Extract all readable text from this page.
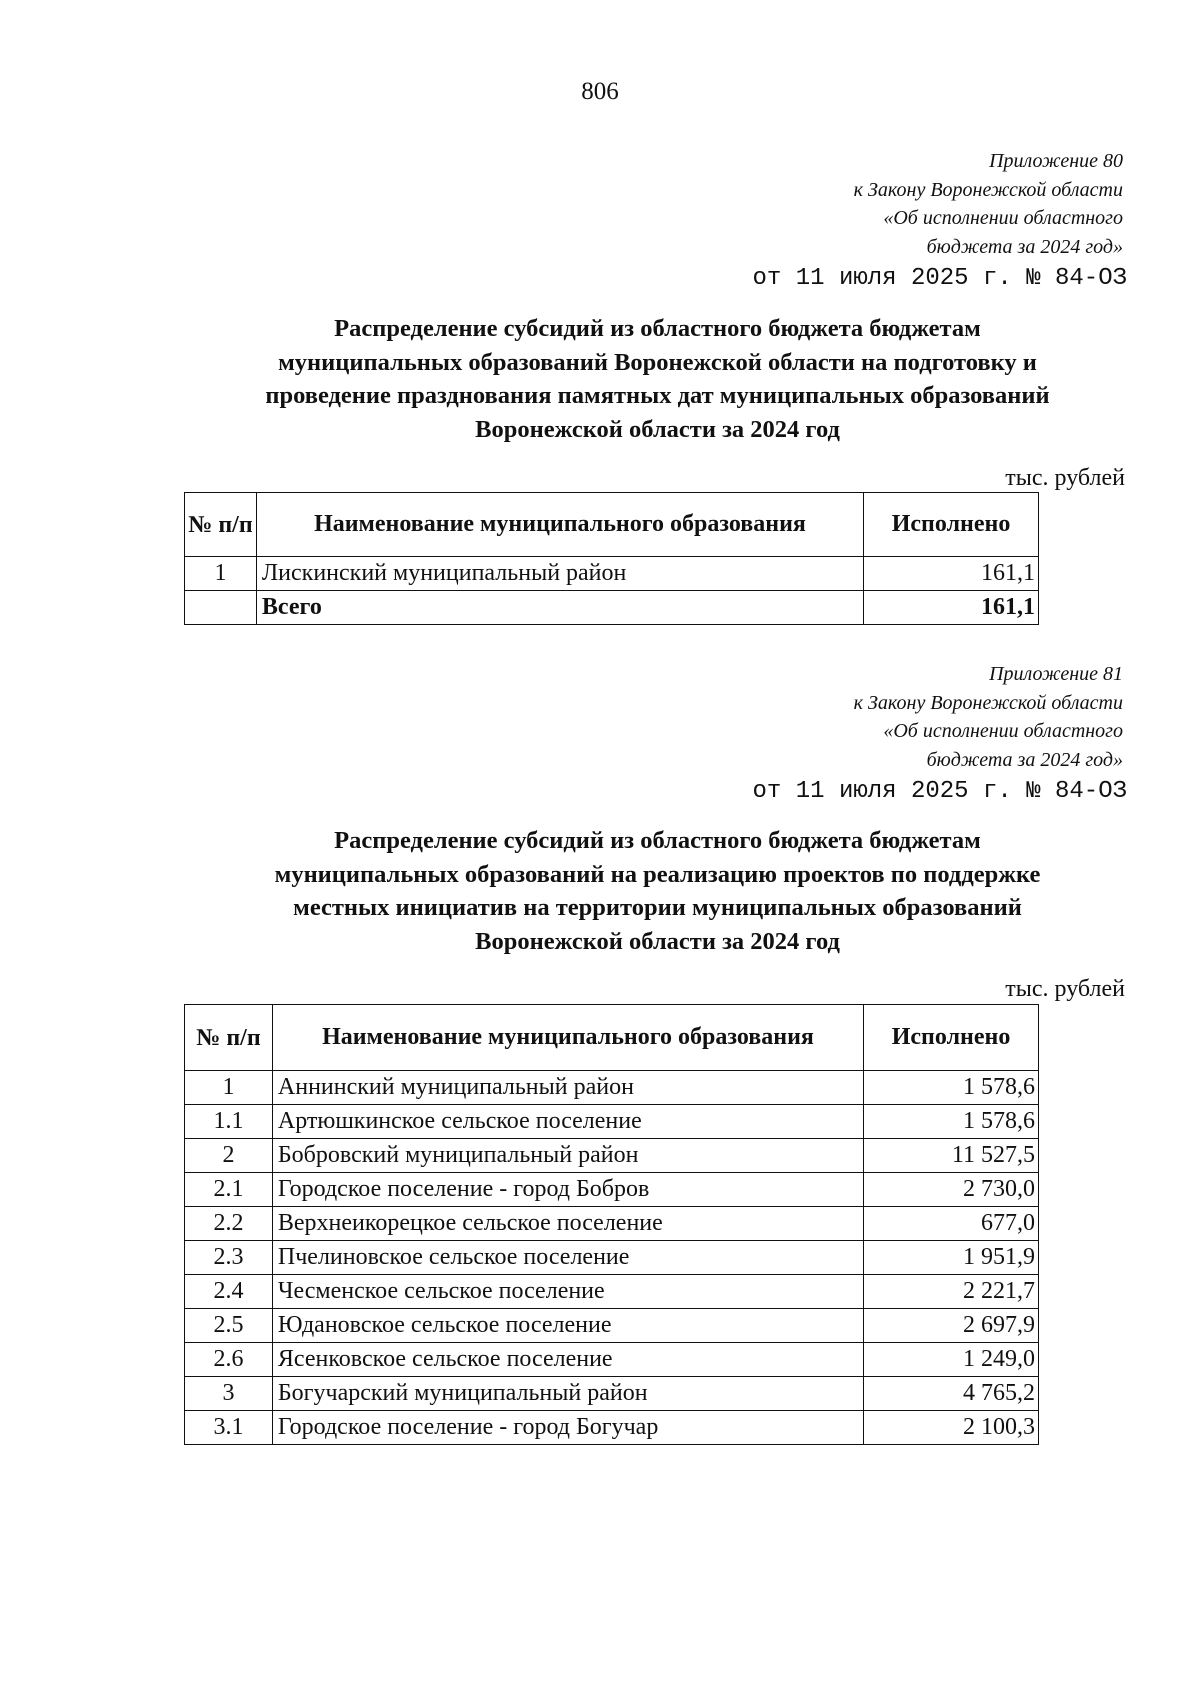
806
Приложение 80
к Закону Воронежской области
«Об исполнении областного
бюджета за 2024 год»
от 11 июля 2025 г. № 84-ОЗ
Распределение субсидий из областного бюджета бюджетам
муниципальных образований Воронежской области на подготовку и
проведение празднования памятных дат муниципальных образований
Воронежской области за 2024 год
тыс. рублей
№ п/п	Наименование муниципального образования	Исполнено
1	Лискинский муниципальный район	161,1
	Всего	161,1
Приложение 81
к Закону Воронежской области
«Об исполнении областного
бюджета за 2024 год»
от 11 июля 2025 г. № 84-ОЗ
Распределение субсидий из областного бюджета бюджетам
муниципальных образований на реализацию проектов по поддержке
местных инициатив на территории муниципальных образований
Воронежской области за 2024 год
тыс. рублей
№ п/п	Наименование муниципального образования	Исполнено
1	Аннинский муниципальный район	1 578,6
1.1	Артюшкинское сельское поселение	1 578,6
2	Бобровский муниципальный район	11 527,5
2.1	Городское поселение - город Бобров	2 730,0
2.2	Верхнеикорецкое сельское поселение	677,0
2.3	Пчелиновское сельское поселение	1 951,9
2.4	Чесменское сельское поселение	2 221,7
2.5	Юдановское сельское поселение	2 697,9
2.6	Ясенковское сельское поселение	1 249,0
3	Богучарский муниципальный район	4 765,2
3.1	Городское поселение - город Богучар	2 100,3
